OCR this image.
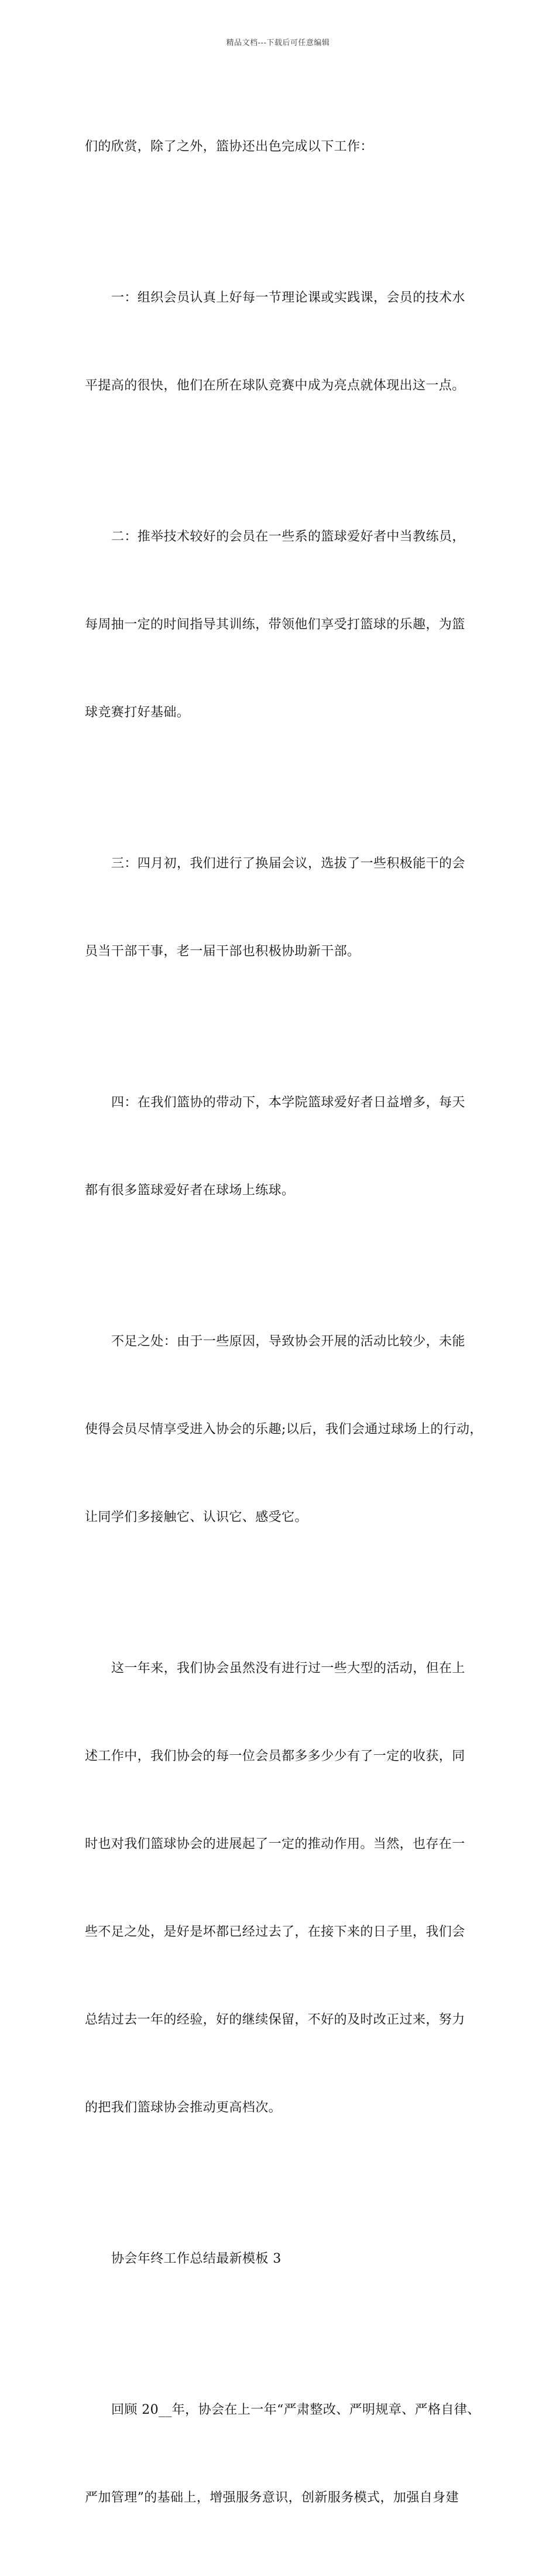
精品文档---下载后可任意编辑

们的欣赏，除了之外，篮协还出色完成以下工作：

一：组织会员认真上好每一节理论课或实践课，会员的技术水

平提高的很快，他们在所在球队竞赛中成为亮点就体现出这一点。

二：推举技术较好的会员在一些系的篮球爱好者中当教练员，

每周抽一定的时间指导其训练，带领他们享受打篮球的乐趣，为篮

球竞赛打好基础。

三：四月初，我们进行了换届会议，选拔了一些积极能干的会

员当干部干事，老一届干部也积极协助新干部。

四：在我们篮协的带动下，本学院篮球爱好者日益增多，每天

都有很多篮球爱好者在球场上练球。

不足之处：由于一些原因，导致协会开展的活动比较少，未能

使得会员尽情享受进入协会的乐趣;以后，我们会通过球场上的行动，

让同学们多接触它、认识它、感受它。

这一年来，我们协会虽然没有进行过一些大型的活动，但在上

述工作中，我们协会的每一位会员都多多少少有了一定的收获，同

时也对我们篮球协会的进展起了一定的推动作用。当然，也存在一

些不足之处，是好是坏都已经过去了，在接下来的日子里，我们会

总结过去一年的经验，好的继续保留，不好的及时改正过来，努力

的把我们篮球协会推动更高档次。

协会年终工作总结最新模板 3

回顾 20__年，协会在上一年“严肃整改、严明规章、严格自律、

严加管理”的基础上，增强服务意识，创新服务模式，加强自身建
